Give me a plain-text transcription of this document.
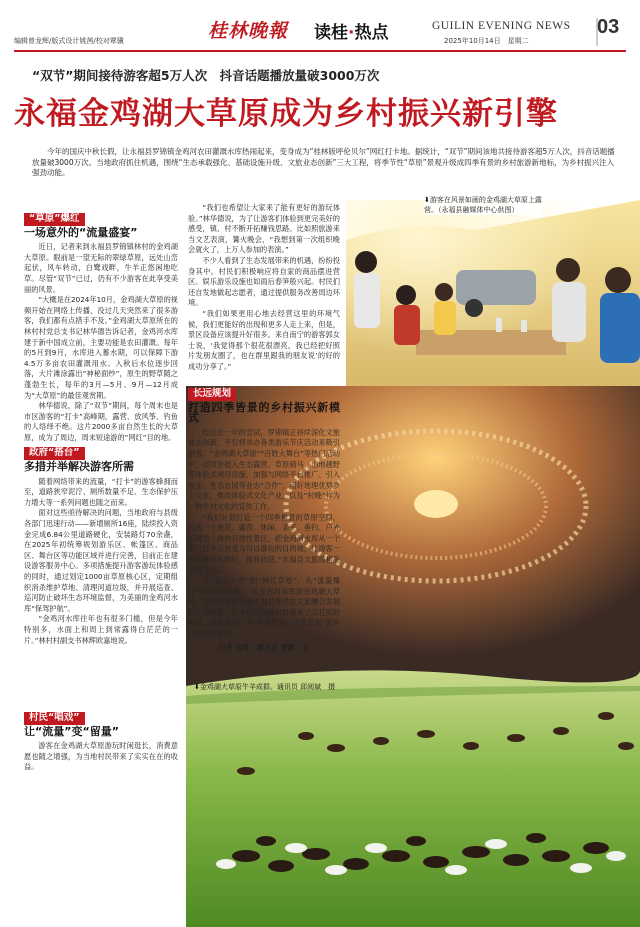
编辑曾龙辉/版式设计姚茜/校对覃骥	桂林晚報 读桂·热点	GUILIN EVENING NEWS
2025年10月14日　星期二
03
“双节”期间接待游客超5万人次　抖音话题播放量破3000万次
永福金鸡湖大草原成为乡村振兴新引擎
今年的国庆中秋长假，让永福县罗锦镇金鸡河农田灌溉水库热闹起来，变身成为“桂林版呼伦贝尔”网红打卡地。据统计，“双节”期间该地共接待游客超5万人次，抖音话题播放量破3000万次。当地政府抓住机遇，围绕“生态承载强化、基础设施升级、文旅业态创新”三大工程，将季节性“草原”景观升级成四季有景的乡村旅游新地标，为乡村振兴注入强劲动能。
⬇游客在风景如画的金鸡湖大草原上露营。（永福县融媒体中心供图）
⬇金鸡湖大草原牛羊成群。通讯员 邱阅斌　摄
“草原”爆红
一场意外的“流量盛宴”

近日，记者来到永福县罗锦镇林村的金鸡湖大草原。眼前是一望无际的翠绿草原，远处山峦起伏，风车转动，白鹭戏畔，牛羊正悠闲地吃草。尽管“双节”已过，仍有不少游客在此享受美丽的风景。

“大概是在2024年10月，金鸡湖大草原的视频开始在网络上传播，没过几天突然来了很多游客，我们都有点措手不及。”金鸡湖大草原所在的林村村党总支书记林华德告诉记者，金鸡河水库建于新中国成立前，主要功能是农田灌溉。每年的5月到9月，水库进入蓄水期，可以保障下游4.5万多亩农田灌溉用水。入秋后水位逐步回落，大片滩涂露出“神秘面纱”，原生的野草随之蓬勃生长，每年的3月—5月、9月—12月成为“大草原”的最佳观赏期。

林华德说，除了“双节”期间，每个周末也是市区游客的“打卡”高峰期，露营、放风筝、钓鱼的人络绎不绝。这片2000多亩自然生长的大草原，成为了周边，周末短途游的“网红”目的地。

政府“搭台”
多措并举解决游客所需

随着网络带来的流量，“打卡”的游客蜂拥而至，道路狭窄泥泞、厕所数量不足、生态保护压力增大等一系列问题也随之而来。

面对这些亟待解决的问题，当地政府与县级各部门迅速行动——新增厕所16座，陆续投入资金完成6.84公里道路硬化，安装路灯70余盏，在2025年初统筹规划游乐区、帐篷区、商品区、舞台区等功能区域并进行完善，目前正在建设游客服务中心。多项措施提升游客游玩体验感的同时，通过划定1000亩草原核心区，定期组织消杀维护草地、清理河道垃圾，并开展巡查、巡河防止破坏生态环境监督，为美丽的金鸡河水库“保驾护航”。

“金鸡河水库往年也有很多门槛，但是今年特别多，水面上和周上到常露得白茫茫的一片。”林村村副支书林辉欧嘉地说。

村民“唱戏”
让“流量”变“留量”

游客在金鸡湖大草原游玩时闲逛长，消费意愿也随之增强，为当地村民带来了实实在在的收益。

“我们也希望让大家来了能有更好的游玩体验。”林华德说，为了让游客们体验到更完美好的感受，镇、村不断开拓赚钱思路。比如照旅游来当文艺表演，篝火晚会，“我想到第一次组织晚会就火了，上万人参加的表演。”

不少人看到了生态发展带来的机遇，纷纷投身其中。村民们积极响应将自家的商品摆进营区、娱乐游乐设施也如雨后春笋般兴起。村民们还自发地做起志愿者，通过提供服务改善周边环境。

“我们如果更用心地去经营这里的环境气候，我们更能好的出现和更多人走上来，但是，景区设备应该提升好很多。来自南宁的游客郭女士说，‘我觉得那个很花很漂亮，我已经把好照片发朋友圈了，也在群里跟我的朋友说’的好的成功分享了。”

长远规划
打造四季皆景的乡村振兴新模式

经过近一年的尝试，罗锦镇正持续深化文旅业态创新，不仅将举办各类游乐节庆活动来吸引游客，“金鸡湖大草原”“百姓大舞台”等热门活动中，还同步植入生态露营、草原骑马、山地越野等体验式项目设施、加强与网络平台推广、引入农业、生态农园等业态“合作”，用好地理优势乡土文化，推动体验式文化产业，以及“村晚”作为一种乡村文化的宣传工作。

“我们计划打造一个四季皆景的草原空间，打造一个赏花、露营、休闲、亲子、垂钓、户外拓展为一体的开放性景区，把金鸡河水库从一个单一打卡点转变为可以游玩的目的地，让游客一年四季都有得玩，都有收获。”永福县文旅局相关负责人表示。

从“农田水库”到“网红草原”，从“流量爆红”到“生态变现”，从金鸡河水库到金鸡湖大草原，它的华丽转身是永福县推进农文旅融合发展的生动缩影，它不仅为当地村民带来了实打实的收益，更探索出一条“生态优先、绿色发展”的乡村振兴新路径。

记者 刘菁　通讯员 唐影　文
